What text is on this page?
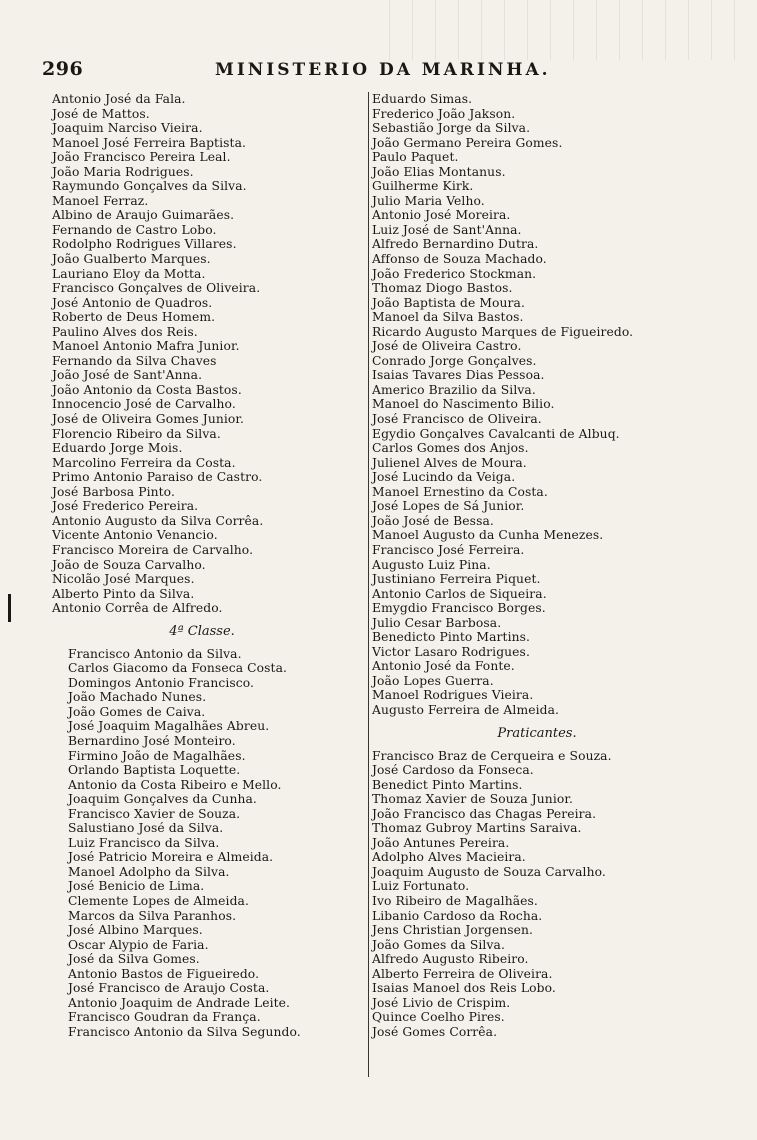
296	MINISTERIO DA MARINHA.
Antonio José da Fala.
José de Mattos.
Joaquim Narciso Vieira.
Manoel José Ferreira Baptista.
João Francisco Pereira Leal.
João Maria Rodrigues.
Raymundo Gonçalves da Silva.
Manoel Ferraz.
Albino de Araujo Guimarães.
Fernando de Castro Lobo.
Rodolpho Rodrigues Villares.
João Gualberto Marques.
Lauriano Eloy da Motta.
Francisco Gonçalves de Oliveira.
José Antonio de Quadros.
Roberto de Deus Homem.
Paulino Alves dos Reis.
Manoel Antonio Mafra Junior.
Fernando da Silva Chaves
João José de Sant'Anna.
João Antonio da Costa Bastos.
Innocencio José de Carvalho.
José de Oliveira Gomes Junior.
Florencio Ribeiro da Silva.
Eduardo Jorge Mois.
Marcolino Ferreira da Costa.
Primo Antonio Paraiso de Castro.
José Barbosa Pinto.
José Frederico Pereira.
Antonio Augusto da Silva Corrêa.
Vicente Antonio Venancio.
Francisco Moreira de Carvalho.
João de Souza Carvalho.
Nicolão José Marques.
Alberto Pinto da Silva.
Antonio Corrêa de Alfredo.
4ª Classe.
Francisco Antonio da Silva.
Carlos Giacomo da Fonseca Costa.
Domingos Antonio Francisco.
João Machado Nunes.
João Gomes de Caiva.
José Joaquim Magalhães Abreu.
Bernardino José Monteiro.
Firmino João de Magalhães.
Orlando Baptista Loquette.
Antonio da Costa Ribeiro e Mello.
Joaquim Gonçalves da Cunha.
Francisco Xavier de Souza.
Salustiano José da Silva.
Luiz Francisco da Silva.
José Patricio Moreira e Almeida.
Manoel Adolpho da Silva.
José Benicio de Lima.
Clemente Lopes de Almeida.
Marcos da Silva Paranhos.
José Albino Marques.
Oscar Alypio de Faria.
José da Silva Gomes.
Antonio Bastos de Figueiredo.
José Francisco de Araujo Costa.
Antonio Joaquim de Andrade Leite.
Francisco Goudran da França.
Francisco Antonio da Silva Segundo.
Eduardo Simas.
Frederico João Jakson.
Sebastião Jorge da Silva.
João Germano Pereira Gomes.
Paulo Paquet.
João Elias Montanus.
Guilherme Kirk.
Julio Maria Velho.
Antonio José Moreira.
Luiz José de Sant'Anna.
Alfredo Bernardino Dutra.
Affonso de Souza Machado.
João Frederico Stockman.
Thomaz Diogo Bastos.
João Baptista de Moura.
Manoel da Silva Bastos.
Ricardo Augusto Marques de Figueiredo.
José de Oliveira Castro.
Conrado Jorge Gonçalves.
Isaias Tavares Dias Pessoa.
Americo Brazilio da Silva.
Manoel do Nascimento Bilio.
José Francisco de Oliveira.
Egydio Gonçalves Cavalcanti de Albuq.
Carlos Gomes dos Anjos.
Julienel Alves de Moura.
José Lucindo da Veiga.
Manoel Ernestino da Costa.
José Lopes de Sá Junior.
João José de Bessa.
Manoel Augusto da Cunha Menezes.
Francisco José Ferreira.
Augusto Luiz Pina.
Justiniano Ferreira Piquet.
Antonio Carlos de Siqueira.
Emygdio Francisco Borges.
Julio Cesar Barbosa.
Benedicto Pinto Martins.
Victor Lasaro Rodrigues.
Antonio José da Fonte.
João Lopes Guerra.
Manoel Rodrigues Vieira.
Augusto Ferreira de Almeida.
Praticantes.
Francisco Braz de Cerqueira e Souza.
José Cardoso da Fonseca.
Benedict Pinto Martins.
Thomaz Xavier de Souza Junior.
João Francisco das Chagas Pereira.
Thomaz Gubroy Martins Saraiva.
João Antunes Pereira.
Adolpho Alves Macieira.
Joaquim Augusto de Souza Carvalho.
Luiz Fortunato.
Ivo Ribeiro de Magalhães.
Libanio Cardoso da Rocha.
Jens Christian Jorgensen.
João Gomes da Silva.
Alfredo Augusto Ribeiro.
Alberto Ferreira de Oliveira.
Isaias Manoel dos Reis Lobo.
José Livio de Crispim.
Quince Coelho Pires.
José Gomes Corrêa.
